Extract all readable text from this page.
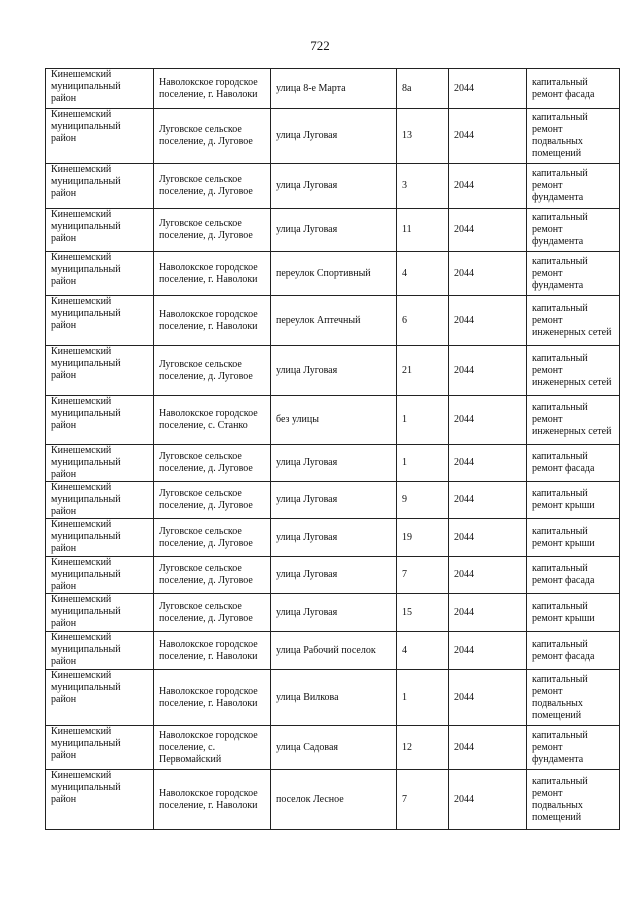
722
Кинешемский муниципальный район	Наволокское городское поселение, г. Наволоки	улица 8-е Марта	8а	2044	капитальный ремонт фасада
Кинешемский муниципальный район	Луговское сельское поселение, д. Луговое	улица Луговая	13	2044	капитальный ремонт подвальных помещений
Кинешемский муниципальный район	Луговское сельское поселение, д. Луговое	улица Луговая	3	2044	капитальный ремонт фундамента
Кинешемский муниципальный район	Луговское сельское поселение, д. Луговое	улица Луговая	11	2044	капитальный ремонт фундамента
Кинешемский муниципальный район	Наволокское городское поселение, г. Наволоки	переулок Спортивный	4	2044	капитальный ремонт фундамента
Кинешемский муниципальный район	Наволокское городское поселение, г. Наволоки	переулок Аптечный	6	2044	капитальный ремонт инженерных сетей
Кинешемский муниципальный район	Луговское сельское поселение, д. Луговое	улица Луговая	21	2044	капитальный ремонт инженерных сетей
Кинешемский муниципальный район	Наволокское городское поселение, с. Станко	без улицы	1	2044	капитальный ремонт инженерных сетей
Кинешемский муниципальный район	Луговское сельское поселение, д. Луговое	улица Луговая	1	2044	капитальный ремонт фасада
Кинешемский муниципальный район	Луговское сельское поселение, д. Луговое	улица Луговая	9	2044	капитальный ремонт крыши
Кинешемский муниципальный район	Луговское сельское поселение, д. Луговое	улица Луговая	19	2044	капитальный ремонт крыши
Кинешемский муниципальный район	Луговское сельское поселение, д. Луговое	улица Луговая	7	2044	капитальный ремонт фасада
Кинешемский муниципальный район	Луговское сельское поселение, д. Луговое	улица Луговая	15	2044	капитальный ремонт крыши
Кинешемский муниципальный район	Наволокское городское поселение, г. Наволоки	улица Рабочий поселок	4	2044	капитальный ремонт фасада
Кинешемский муниципальный район	Наволокское городское поселение, г. Наволоки	улица Вилкова	1	2044	капитальный ремонт подвальных помещений
Кинешемский муниципальный район	Наволокское городское поселение, с. Первомайский	улица Садовая	12	2044	капитальный ремонт фундамента
Кинешемский муниципальный район	Наволокское городское поселение, г. Наволоки	поселок Лесное	7	2044	капитальный ремонт подвальных помещений
